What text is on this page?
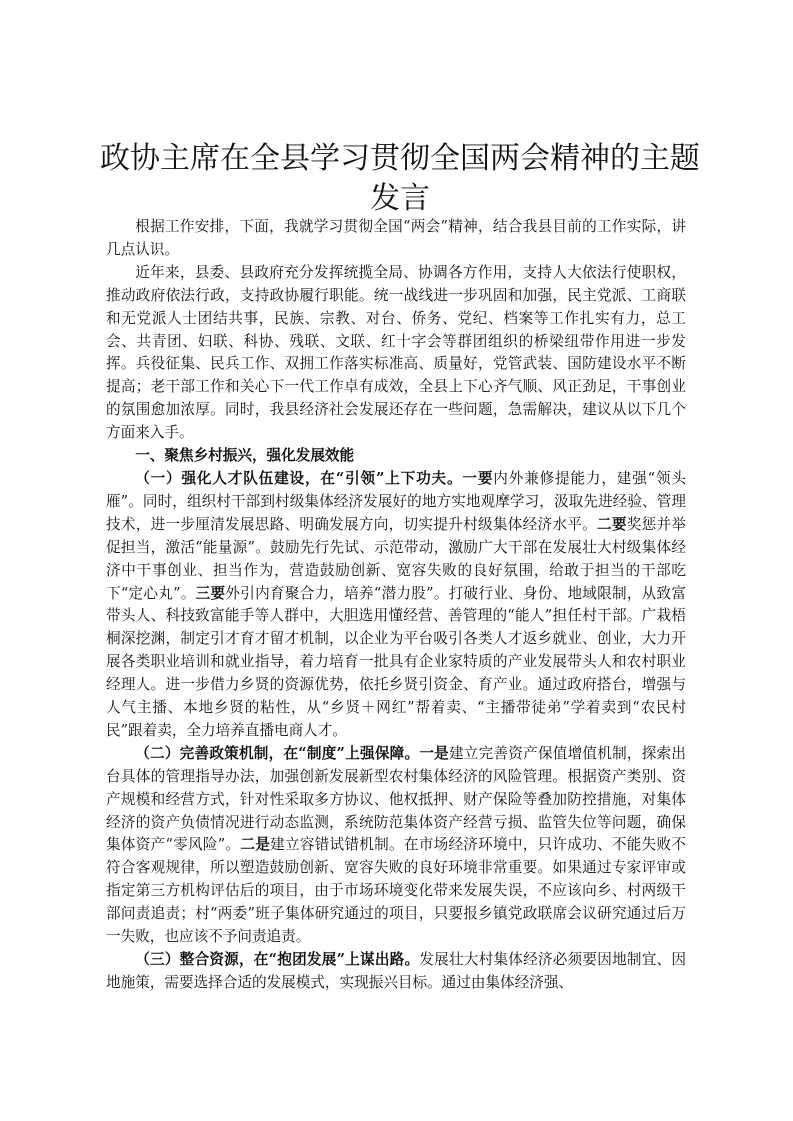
政协主席在全县学习贯彻全国两会精神的主题发言

根据工作安排，下面，我就学习贯彻全国“两会”精神，结合我县目前的工作实际，讲几点认识。

近年来，县委、县政府充分发挥统揽全局、协调各方作用，支持人大依法行使职权，推动政府依法行政，支持政协履行职能。统一战线进一步巩固和加强，民主党派、工商联和无党派人士团结共事，民族、宗教、对台、侨务、党纪、档案等工作扎实有力，总工会、共青团、妇联、科协、残联、文联、红十字会等群团组织的桥梁纽带作用进一步发挥。兵役征集、民兵工作、双拥工作落实标准高、质量好，党管武装、国防建设水平不断提高；老干部工作和关心下一代工作卓有成效，全县上下心齐气顺、风正劲足，干事创业的氛围愈加浓厚。同时，我县经济社会发展还存在一些问题，急需解决，建议从以下几个方面来入手。

一、聚焦乡村振兴，强化发展效能

（一）强化人才队伍建设，在“引领”上下功夫。一要内外兼修提能力，建强“领头雁”。同时，组织村干部到村级集体经济发展好的地方实地观摩学习，汲取先进经验、管理技术，进一步厘清发展思路、明确发展方向，切实提升村级集体经济水平。二要奖惩并举促担当，激活“能量源”。鼓励先行先试、示范带动，激励广大干部在发展壮大村级集体经济中干事创业、担当作为，营造鼓励创新、宽容失败的良好氛围，给敢于担当的干部吃下“定心丸”。三要外引内育聚合力，培养“潜力股”。打破行业、身份、地域限制，从致富带头人、科技致富能手等人群中，大胆选用懂经营、善管理的“能人”担任村干部。广栽梧桐深挖渊，制定引才育才留才机制，以企业为平台吸引各类人才返乡就业、创业，大力开展各类职业培训和就业指导，着力培育一批具有企业家特质的产业发展带头人和农村职业经理人。进一步借力乡贤的资源优势，依托乡贤引资金、育产业。通过政府搭台，增强与人气主播、本地乡贤的粘性，从“乡贤＋网红”帮着卖、“主播带徒弟”学着卖到“农民村民”跟着卖，全力培养直播电商人才。

（二）完善政策机制，在“制度”上强保障。一是建立完善资产保值增值机制，探索出台具体的管理指导办法，加强创新发展新型农村集体经济的风险管理。根据资产类别、资产规模和经营方式，针对性采取多方协议、他权抵押、财产保险等叠加防控措施，对集体经济的资产负债情况进行动态监测，系统防范集体资产经营亏损、监管失位等问题，确保集体资产“零风险”。二是建立容错试错机制。在市场经济环境中，只许成功、不能失败不符合客观规律，所以塑造鼓励创新、宽容失败的良好环境非常重要。如果通过专家评审或指定第三方机构评估后的项目，由于市场环境变化带来发展失误，不应该向乡、村两级干部问责追责；村“两委”班子集体研究通过的项目，只要报乡镇党政联席会议研究通过后万一失败，也应该不予问责追责。

（三）整合资源，在“抱团发展”上谋出路。发展壮大村集体经济必须要因地制宜、因地施策，需要选择合适的发展模式，实现振兴目标。通过由集体经济强、
